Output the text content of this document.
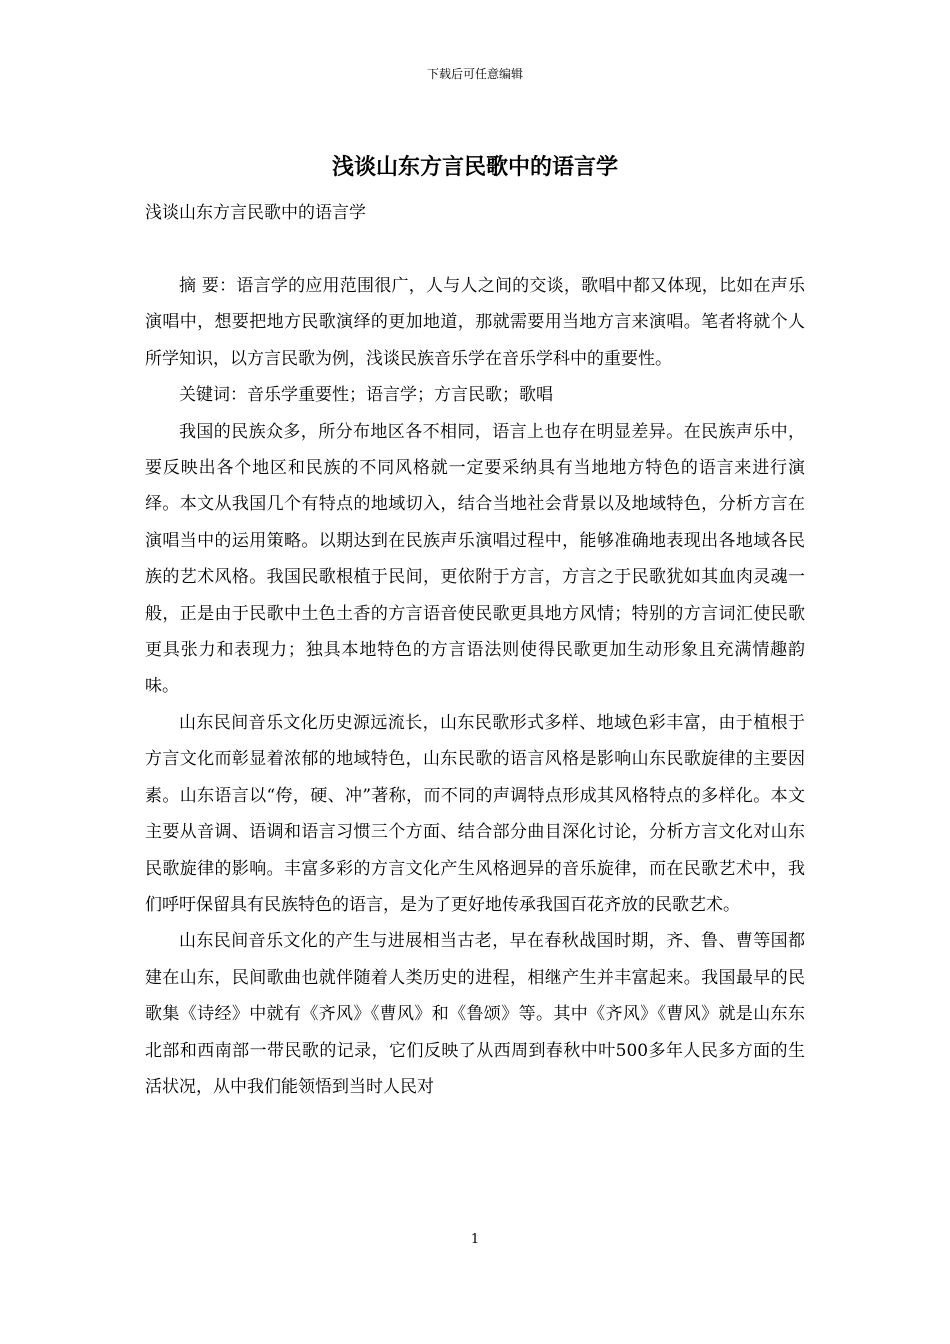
下载后可任意编辑
浅谈山东方言民歌中的语言学

浅谈山东方言民歌中的语言学

摘 要：语言学的应用范围很广，人与人之间的交谈，歌唱中都又体现，比如在声乐演唱中，想要把地方民歌演绎的更加地道，那就需要用当地方言来演唱。笔者将就个人所学知识，以方言民歌为例，浅谈民族音乐学在音乐学科中的重要性。

关键词：音乐学重要性；语言学；方言民歌；歌唱

我国的民族众多，所分布地区各不相同，语言上也存在明显差异。在民族声乐中，要反映出各个地区和民族的不同风格就一定要采纳具有当地地方特色的语言来进行演绎。本文从我国几个有特点的地域切入，结合当地社会背景以及地域特色，分析方言在演唱当中的运用策略。以期达到在民族声乐演唱过程中，能够准确地表现出各地域各民族的艺术风格。我国民歌根植于民间，更依附于方言，方言之于民歌犹如其血肉灵魂一般，正是由于民歌中土色土香的方言语音使民歌更具地方风情；特别的方言词汇使民歌更具张力和表现力；独具本地特色的方言语法则使得民歌更加生动形象且充满情趣韵味。

山东民间音乐文化历史源远流长，山东民歌形式多样、地域色彩丰富，由于植根于方言文化而彰显着浓郁的地域特色，山东民歌的语言风格是影响山东民歌旋律的主要因素。山东语言以“侉，硬、冲”著称，而不同的声调特点形成其风格特点的多样化。本文主要从音调、语调和语言习惯三个方面、结合部分曲目深化讨论，分析方言文化对山东民歌旋律的影响。丰富多彩的方言文化产生风格迥异的音乐旋律，而在民歌艺术中，我们呼吁保留具有民族特色的语言，是为了更好地传承我国百花齐放的民歌艺术。

山东民间音乐文化的产生与进展相当古老，早在春秋战国时期，齐、鲁、曹等国都建在山东，民间歌曲也就伴随着人类历史的进程，相继产生并丰富起来。我国最早的民歌集《诗经》中就有《齐风》《曹风》和《鲁颂》等。其中《齐风》《曹风》就是山东东北部和西南部一带民歌的记录，它们反映了从西周到春秋中叶500多年人民多方面的生活状况，从中我们能领悟到当时人民对

1
